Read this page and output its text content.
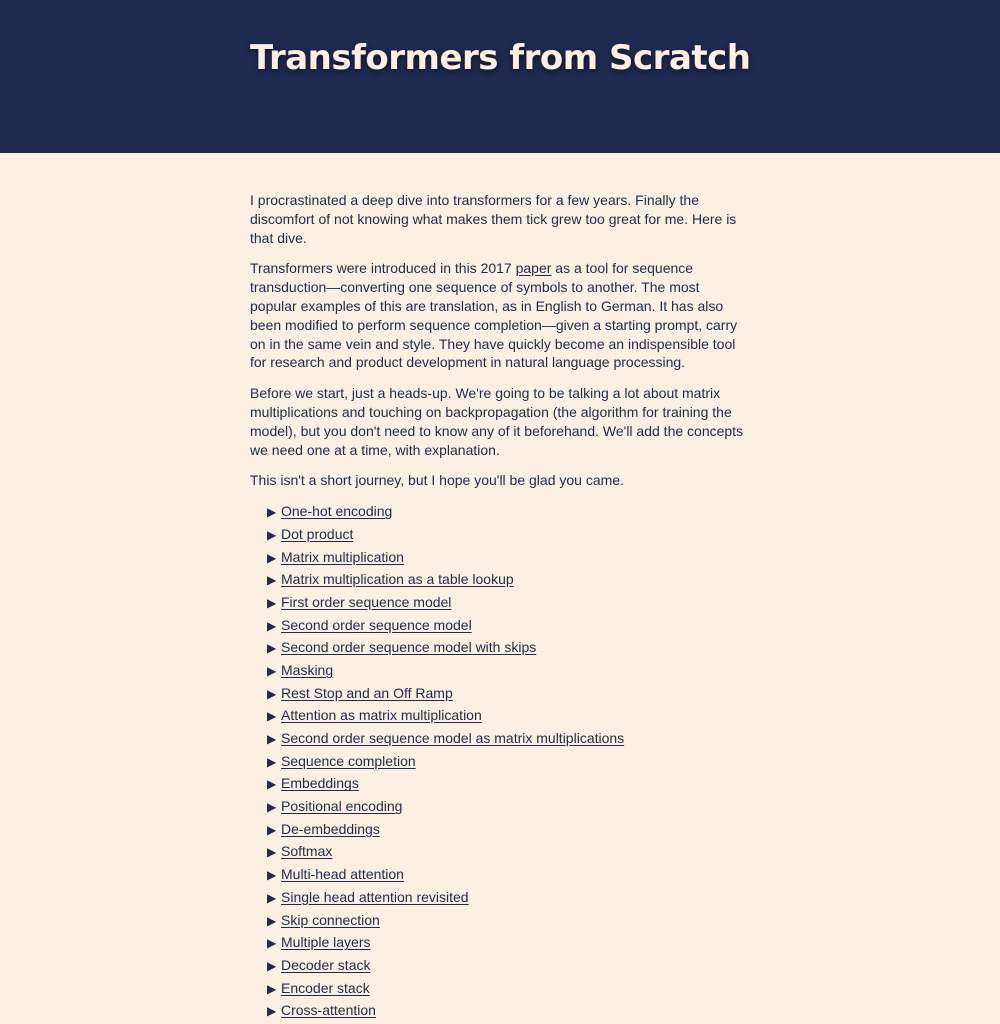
Transformers from Scratch

I procrastinated a deep dive into transformers for a few years. Finally the discomfort of not knowing what makes them tick grew too great for me. Here is that dive.

Transformers were introduced in this 2017 paper as a tool for sequence transduction—converting one sequence of symbols to another. The most popular examples of this are translation, as in English to German. It has also been modified to perform sequence completion—given a starting prompt, carry on in the same vein and style. They have quickly become an indispensible tool for research and product development in natural language processing.

Before we start, just a heads-up. We're going to be talking a lot about matrix multiplications and touching on backpropagation (the algorithm for training the model), but you don't need to know any of it beforehand. We'll add the concepts we need one at a time, with explanation.

This isn't a short journey, but I hope you'll be glad you came.

▶ One-hot encoding
▶ Dot product
▶ Matrix multiplication
▶ Matrix multiplication as a table lookup
▶ First order sequence model
▶ Second order sequence model
▶ Second order sequence model with skips
▶ Masking
▶ Rest Stop and an Off Ramp
▶ Attention as matrix multiplication
▶ Second order sequence model as matrix multiplications
▶ Sequence completion
▶ Embeddings
▶ Positional encoding
▶ De-embeddings
▶ Softmax
▶ Multi-head attention
▶ Single head attention revisited
▶ Skip connection
▶ Multiple layers
▶ Decoder stack
▶ Encoder stack
▶ Cross-attention
